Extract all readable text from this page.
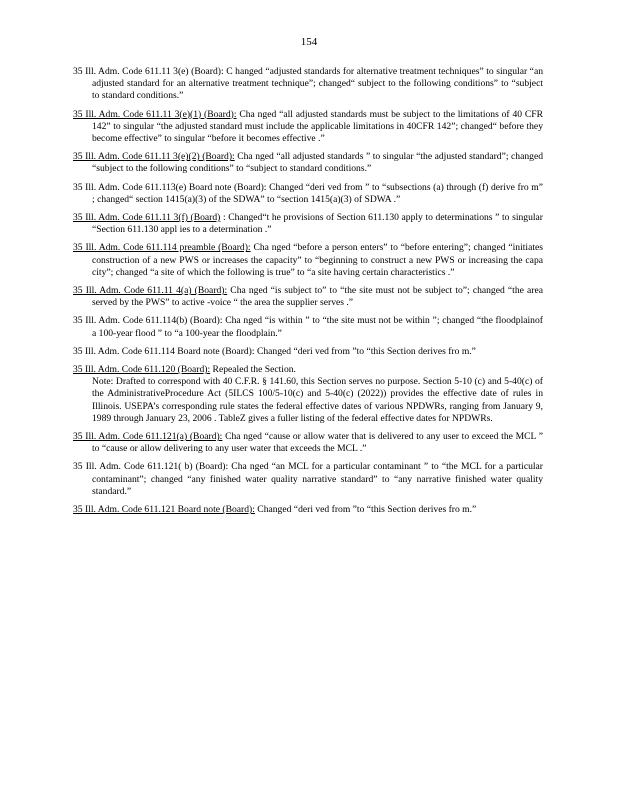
154
35 Ill. Adm. Code 611.11 3(e) (Board): C hanged “adjusted standards for alternative treatment techniques” to singular “an adjusted standard for an alternative treatment technique”; changed“ subject to the following conditions” to “subject to standard conditions.”
35 Ill. Adm. Code 611.11 3(e)(1) (Board): Cha nged “all adjusted standards must be subject to the limitations of 40 CFR 142” to singular “the adjusted standard must include the applicable limitations in 40CFR 142”; changed“ before they become effective” to singular “before it becomes effective .”
35 Ill. Adm. Code 611.11 3(e)(2) (Board): Cha nged “all adjusted standards ” to singular “the adjusted standard”; changed “subject to the following conditions” to “subject to standard conditions.”
35 Ill. Adm. Code 611.113(e) Board note (Board): Changed “deri ved from ” to “subsections (a) through (f) derive fro m” ; changed“ section 1415(a)(3) of the SDWA” to “section 1415(a)(3) of SDWA .”
35 Ill. Adm. Code 611.11 3(f) (Board) : Changed“t he provisions of Section 611.130 apply to determinations ” to singular “Section 611.130 appl ies to a determination .”
35 Ill. Adm. Code 611.114 preamble (Board): Cha nged “before a person enters” to “before entering”; changed “initiates construction of a new PWS or increases the capacity” to “beginning to construct a new PWS or increasing the capa city”; changed “a site of which the following is true” to “a site having certain characteristics .”
35 Ill. Adm. Code 611.11 4(a) (Board): Cha nged “is subject to” to “the site must not be subject to”; changed “the area served by the PWS” to active -voice “ the area the supplier serves .”
35 Ill. Adm. Code 611.114(b) (Board): Cha nged “is within ” to “the site must not be within ”; changed “the floodplainof a 100-year flood ” to “a 100-year the floodplain.”
35 Ill. Adm. Code 611.114 Board note (Board): Changed “deri ved from ”to “this Section derives fro m.”
35 Ill. Adm. Code 611.120 (Board): Repealed the Section.
Note: Drafted to correspond with 40 C.F.R. § 141.60, this Section serves no purpose. Section 5-10 (c) and 5-40(c) of the AdministrativeProcedure Act (5ILCS 100/5-10(c) and 5-40(c) (2022)) provides the effective date of rules in Illinois. USEPA’s corresponding rule states the federal effective dates of various NPDWRs, ranging from January 9, 1989 through January 23, 2006 . TableZ gives a fuller listing of the federal effective dates for NPDWRs.
35 Ill. Adm. Code 611.121(a) (Board): Cha nged “cause or allow water that is delivered to any user to exceed the MCL ” to “cause or allow delivering to any user water that exceeds the MCL .”
35 Ill. Adm. Code 611.121( b) (Board): Cha nged “an MCL for a particular contaminant ” to “the MCL for a particular contaminant”; changed “any finished water quality narrative standard” to “any narrative finished water quality standard.”
35 Ill. Adm. Code 611.121 Board note (Board): Changed “deri ved from ”to “this Section derives fro m.”
